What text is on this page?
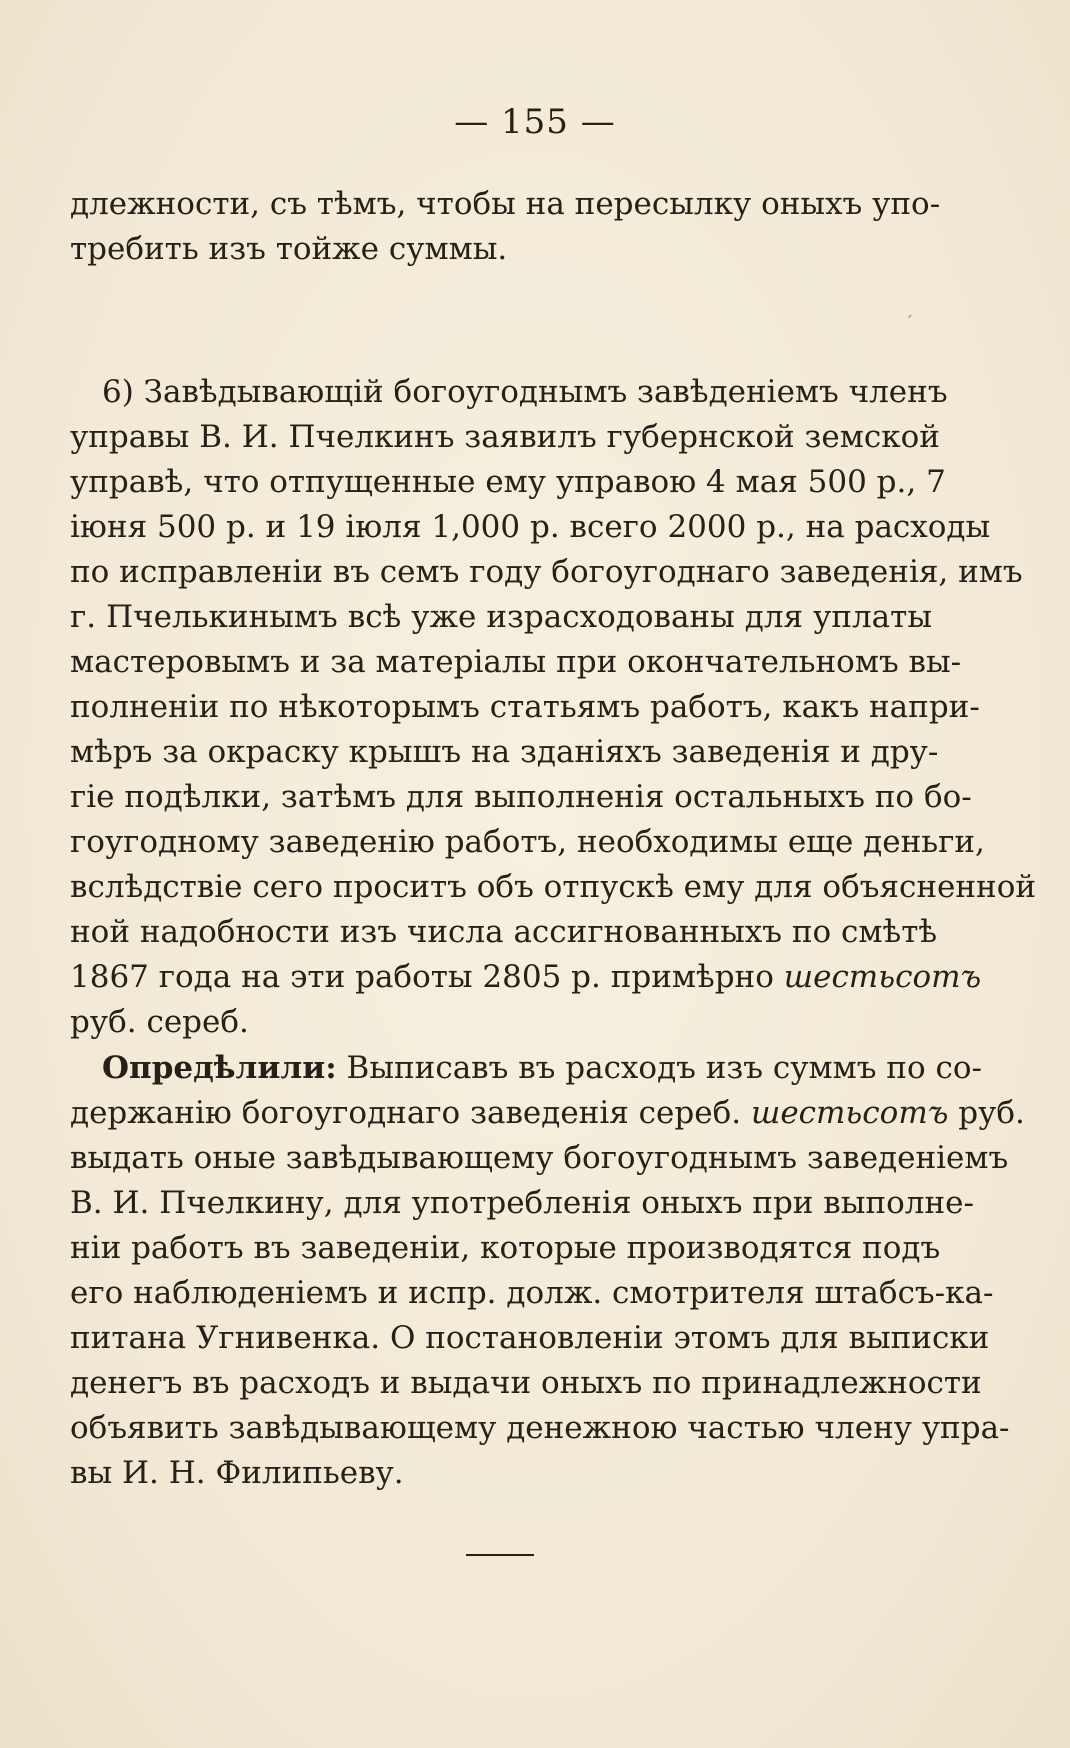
— 155 —
длежности, съ тѣмъ, чтобы на пересылку оныхъ упо-
требить изъ тойже суммы.
´
6) Завѣдывающій богоугоднымъ завѣденіемъ членъ
управы В. И. Пчелкинъ заявилъ губернской земской
управѣ, что отпущенные ему управою 4 мая 500 р., 7
іюня 500 р. и 19 іюля 1,000 р. всего 2000 р., на расходы
по исправленіи въ семъ году богоугоднаго заведенія, имъ
г. Пчелькинымъ всѣ уже израсходованы для уплаты
мастеровымъ и за матеріалы при окончательномъ вы-
полненіи по нѣкоторымъ статьямъ работъ, какъ напри-
мѣръ за окраску крышъ на зданіяхъ заведенія и дру-
гіе подѣлки, затѣмъ для выполненія остальныхъ по бо-
гоугодному заведенію работъ, необходимы еще деньги,
вслѣдствіе сего проситъ объ отпускѣ ему для объясненной
ной надобности изъ числа ассигнованныхъ по смѣтѣ
1867 года на эти работы 2805 р. примѣрно шестьсотъ
руб. сереб.
Опредѣлили: Выписавъ въ расходъ изъ суммъ по со-
держанію богоугоднаго заведенія сереб. шестьсотъ руб.
выдать оные завѣдывающему богоугоднымъ заведеніемъ
В. И. Пчелкину, для употребленія оныхъ при выполне-
ніи работъ въ заведеніи, которые производятся подъ
его наблюденіемъ и испр. долж. смотрителя штабсъ-ка-
питана Угнивенка. О постановленіи этомъ для выписки
денегъ въ расходъ и выдачи оныхъ по принадлежности
объявить завѣдывающему денежною частью члену упра-
вы И. Н. Филипьеву.
